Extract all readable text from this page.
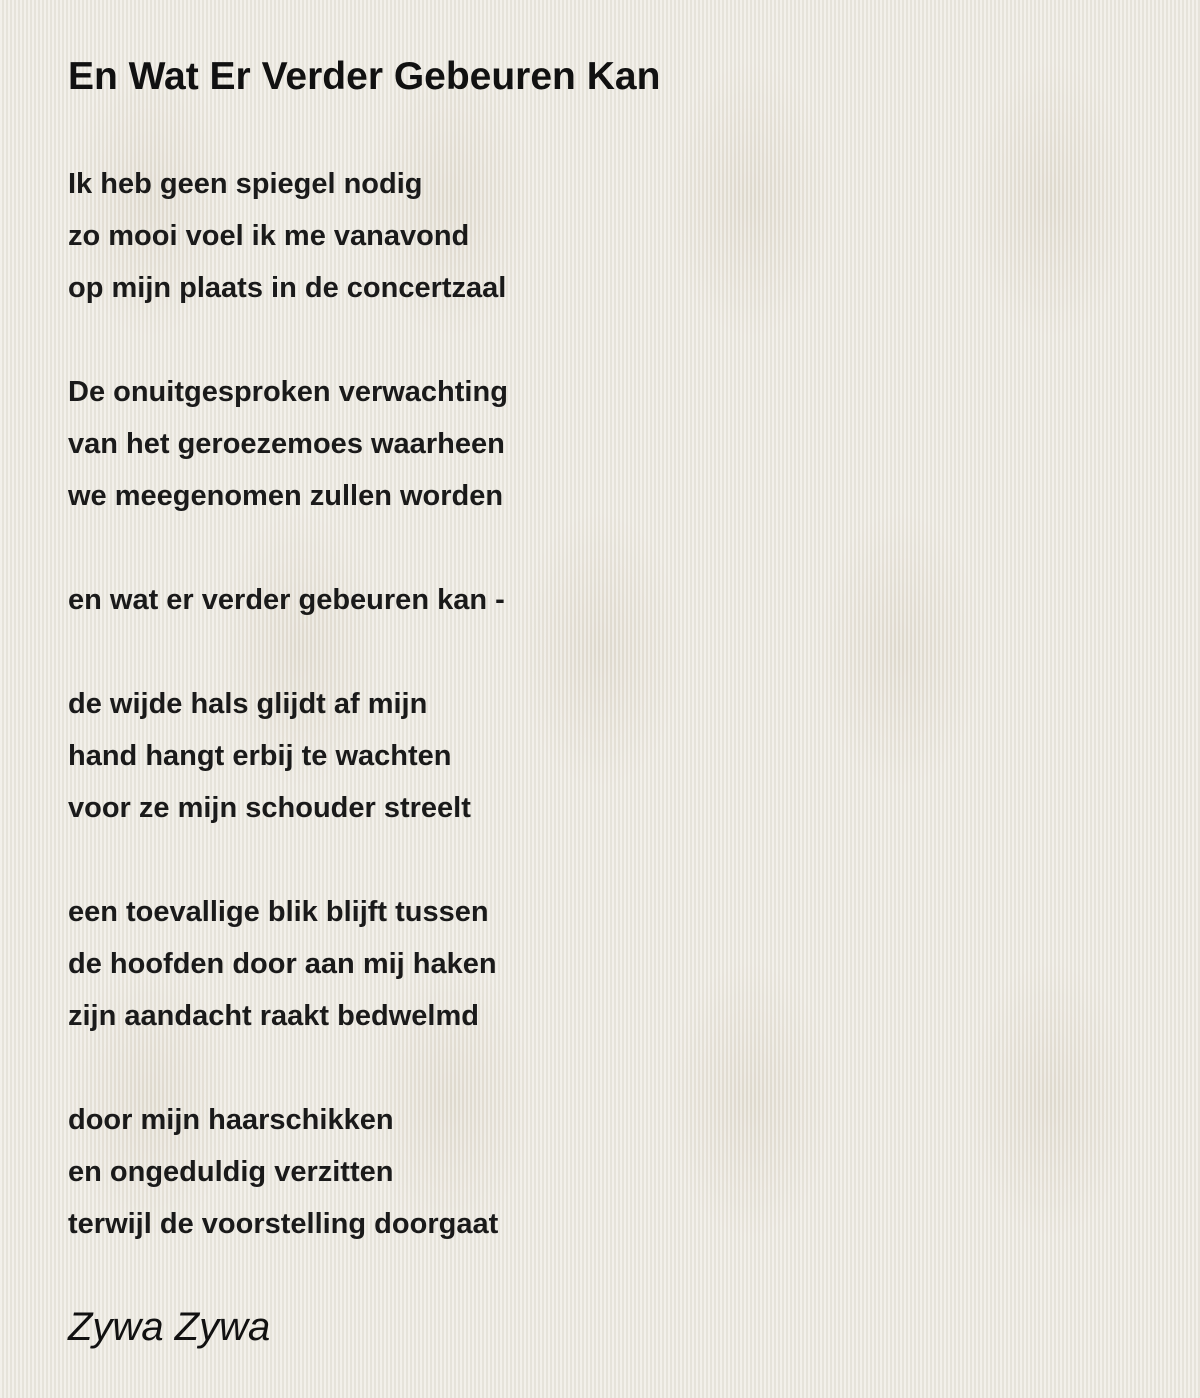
En Wat Er Verder Gebeuren Kan
Ik heb geen spiegel nodig
zo mooi voel ik me vanavond
op mijn plaats in de concertzaal
De onuitgesproken verwachting
van het geroezemoes waarheen
we meegenomen zullen worden
en wat er verder gebeuren kan -
de wijde hals glijdt af mijn
hand hangt erbij te wachten
voor ze mijn schouder streelt
een toevallige blik blijft tussen
de hoofden door aan mij haken
zijn aandacht raakt bedwelmd
door mijn haarschikken
en ongeduldig verzitten
terwijl de voorstelling doorgaat
Zywa Zywa
